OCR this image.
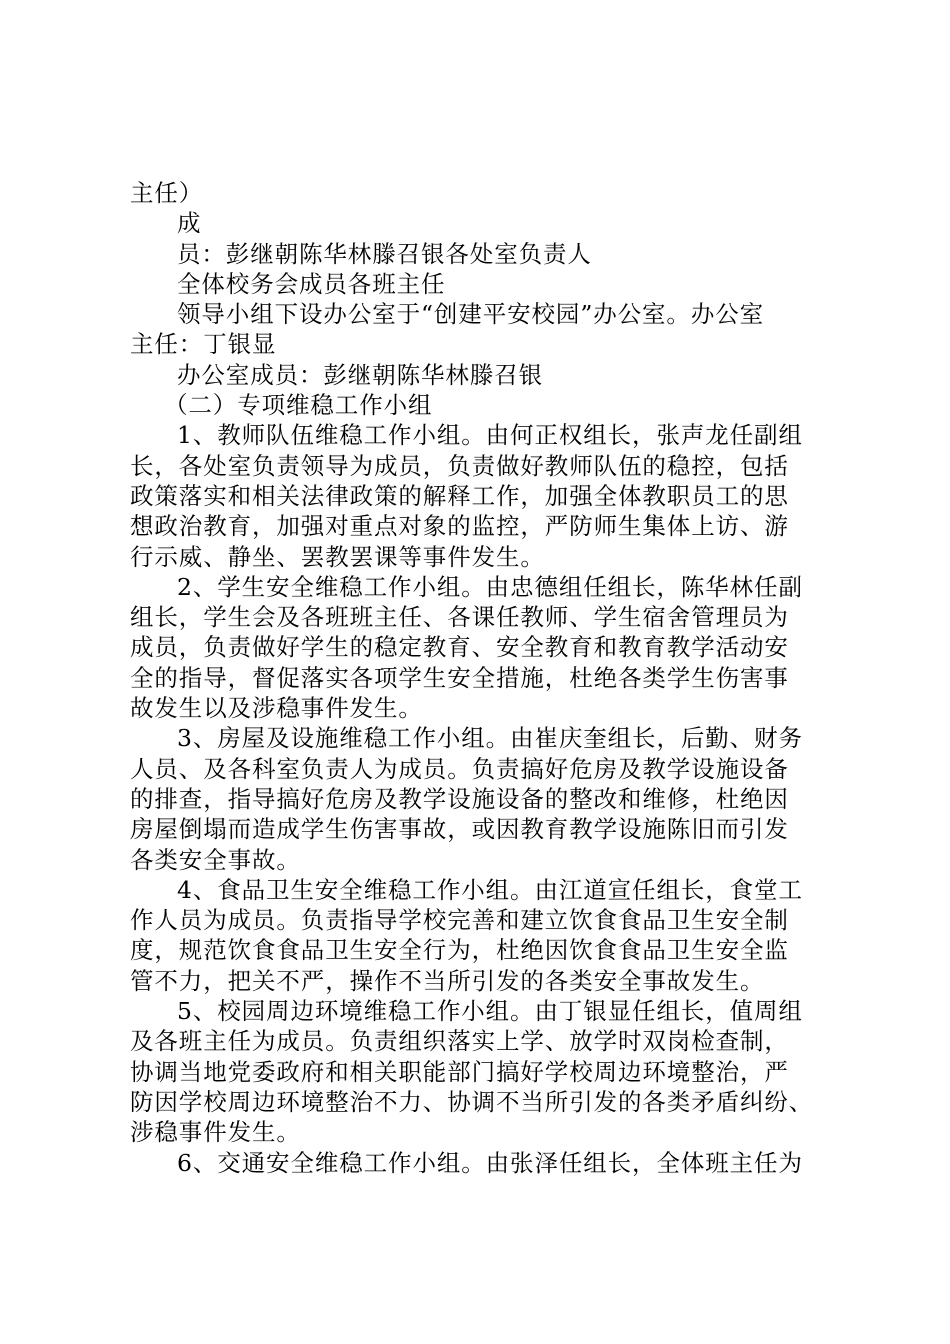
主任）
成
员：彭继朝陈华林滕召银各处室负责人
全体校务会成员各班主任
领导小组下设办公室于“创建平安校园”办公室。办公室
主任：丁银显
办公室成员：彭继朝陈华林滕召银
（二）专项维稳工作小组
1、教师队伍维稳工作小组。由何正权组长，张声龙任副组
长，各处室负责领导为成员，负责做好教师队伍的稳控，包括
政策落实和相关法律政策的解释工作，加强全体教职员工的思
想政治教育，加强对重点对象的监控，严防师生集体上访、游
行示威、静坐、罢教罢课等事件发生。
2、学生安全维稳工作小组。由忠德组任组长，陈华林任副
组长，学生会及各班班主任、各课任教师、学生宿舍管理员为
成员，负责做好学生的稳定教育、安全教育和教育教学活动安
全的指导，督促落实各项学生安全措施，杜绝各类学生伤害事
故发生以及涉稳事件发生。
3、房屋及设施维稳工作小组。由崔庆奎组长，后勤、财务
人员、及各科室负责人为成员。负责搞好危房及教学设施设备
的排查，指导搞好危房及教学设施设备的整改和维修，杜绝因
房屋倒塌而造成学生伤害事故，或因教育教学设施陈旧而引发
各类安全事故。
4、食品卫生安全维稳工作小组。由江道宣任组长，食堂工
作人员为成员。负责指导学校完善和建立饮食食品卫生安全制
度，规范饮食食品卫生安全行为，杜绝因饮食食品卫生安全监
管不力，把关不严，操作不当所引发的各类安全事故发生。
5、校园周边环境维稳工作小组。由丁银显任组长，值周组
及各班主任为成员。负责组织落实上学、放学时双岗检查制，
协调当地党委政府和相关职能部门搞好学校周边环境整治，严
防因学校周边环境整治不力、协调不当所引发的各类矛盾纠纷、
涉稳事件发生。
6、交通安全维稳工作小组。由张泽任组长，全体班主任为
